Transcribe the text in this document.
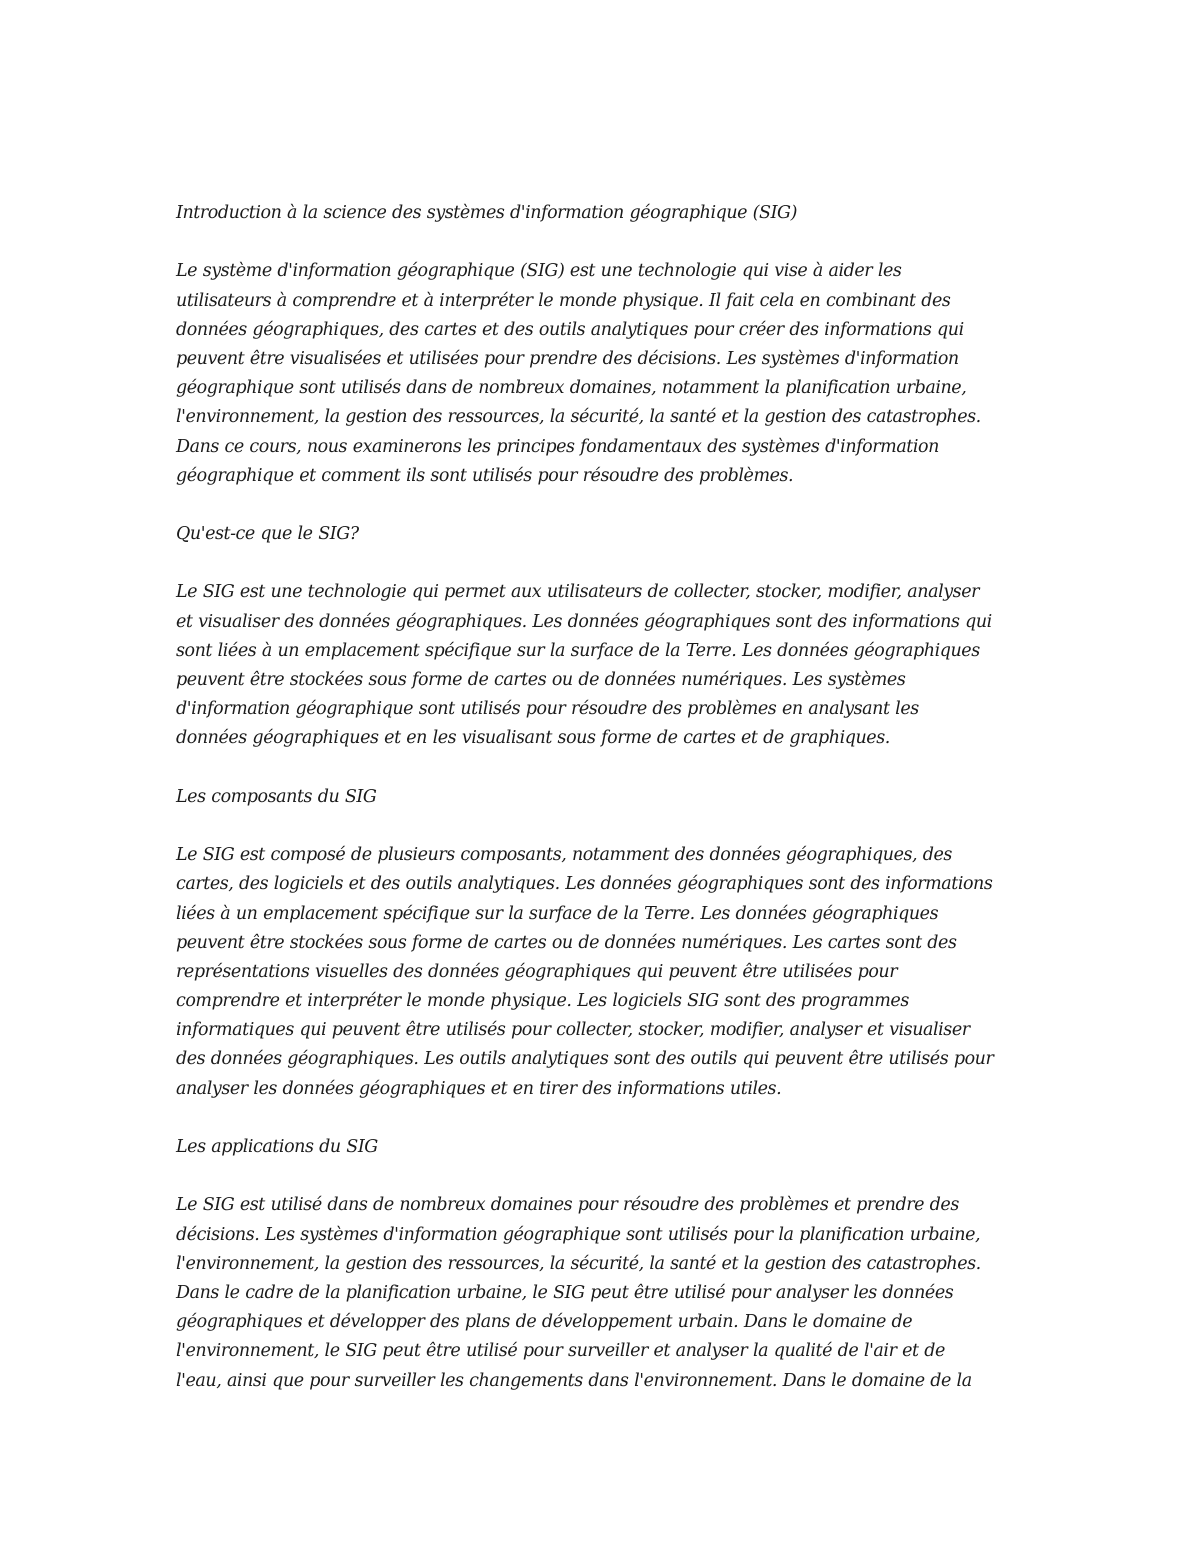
Introduction à la science des systèmes d'information géographique (SIG)
Le système d'information géographique (SIG) est une technologie qui vise à aider les
utilisateurs à comprendre et à interpréter le monde physique. Il fait cela en combinant des
données géographiques, des cartes et des outils analytiques pour créer des informations qui
peuvent être visualisées et utilisées pour prendre des décisions. Les systèmes d'information
géographique sont utilisés dans de nombreux domaines, notamment la planification urbaine,
l'environnement, la gestion des ressources, la sécurité, la santé et la gestion des catastrophes.
Dans ce cours, nous examinerons les principes fondamentaux des systèmes d'information
géographique et comment ils sont utilisés pour résoudre des problèmes.
Qu'est-ce que le SIG?
Le SIG est une technologie qui permet aux utilisateurs de collecter, stocker, modifier, analyser
et visualiser des données géographiques. Les données géographiques sont des informations qui
sont liées à un emplacement spécifique sur la surface de la Terre. Les données géographiques
peuvent être stockées sous forme de cartes ou de données numériques. Les systèmes
d'information géographique sont utilisés pour résoudre des problèmes en analysant les
données géographiques et en les visualisant sous forme de cartes et de graphiques.
Les composants du SIG
Le SIG est composé de plusieurs composants, notamment des données géographiques, des
cartes, des logiciels et des outils analytiques. Les données géographiques sont des informations
liées à un emplacement spécifique sur la surface de la Terre. Les données géographiques
peuvent être stockées sous forme de cartes ou de données numériques. Les cartes sont des
représentations visuelles des données géographiques qui peuvent être utilisées pour
comprendre et interpréter le monde physique. Les logiciels SIG sont des programmes
informatiques qui peuvent être utilisés pour collecter, stocker, modifier, analyser et visualiser
des données géographiques. Les outils analytiques sont des outils qui peuvent être utilisés pour
analyser les données géographiques et en tirer des informations utiles.
Les applications du SIG
Le SIG est utilisé dans de nombreux domaines pour résoudre des problèmes et prendre des
décisions. Les systèmes d'information géographique sont utilisés pour la planification urbaine,
l'environnement, la gestion des ressources, la sécurité, la santé et la gestion des catastrophes.
Dans le cadre de la planification urbaine, le SIG peut être utilisé pour analyser les données
géographiques et développer des plans de développement urbain. Dans le domaine de
l'environnement, le SIG peut être utilisé pour surveiller et analyser la qualité de l'air et de
l'eau, ainsi que pour surveiller les changements dans l'environnement. Dans le domaine de la
